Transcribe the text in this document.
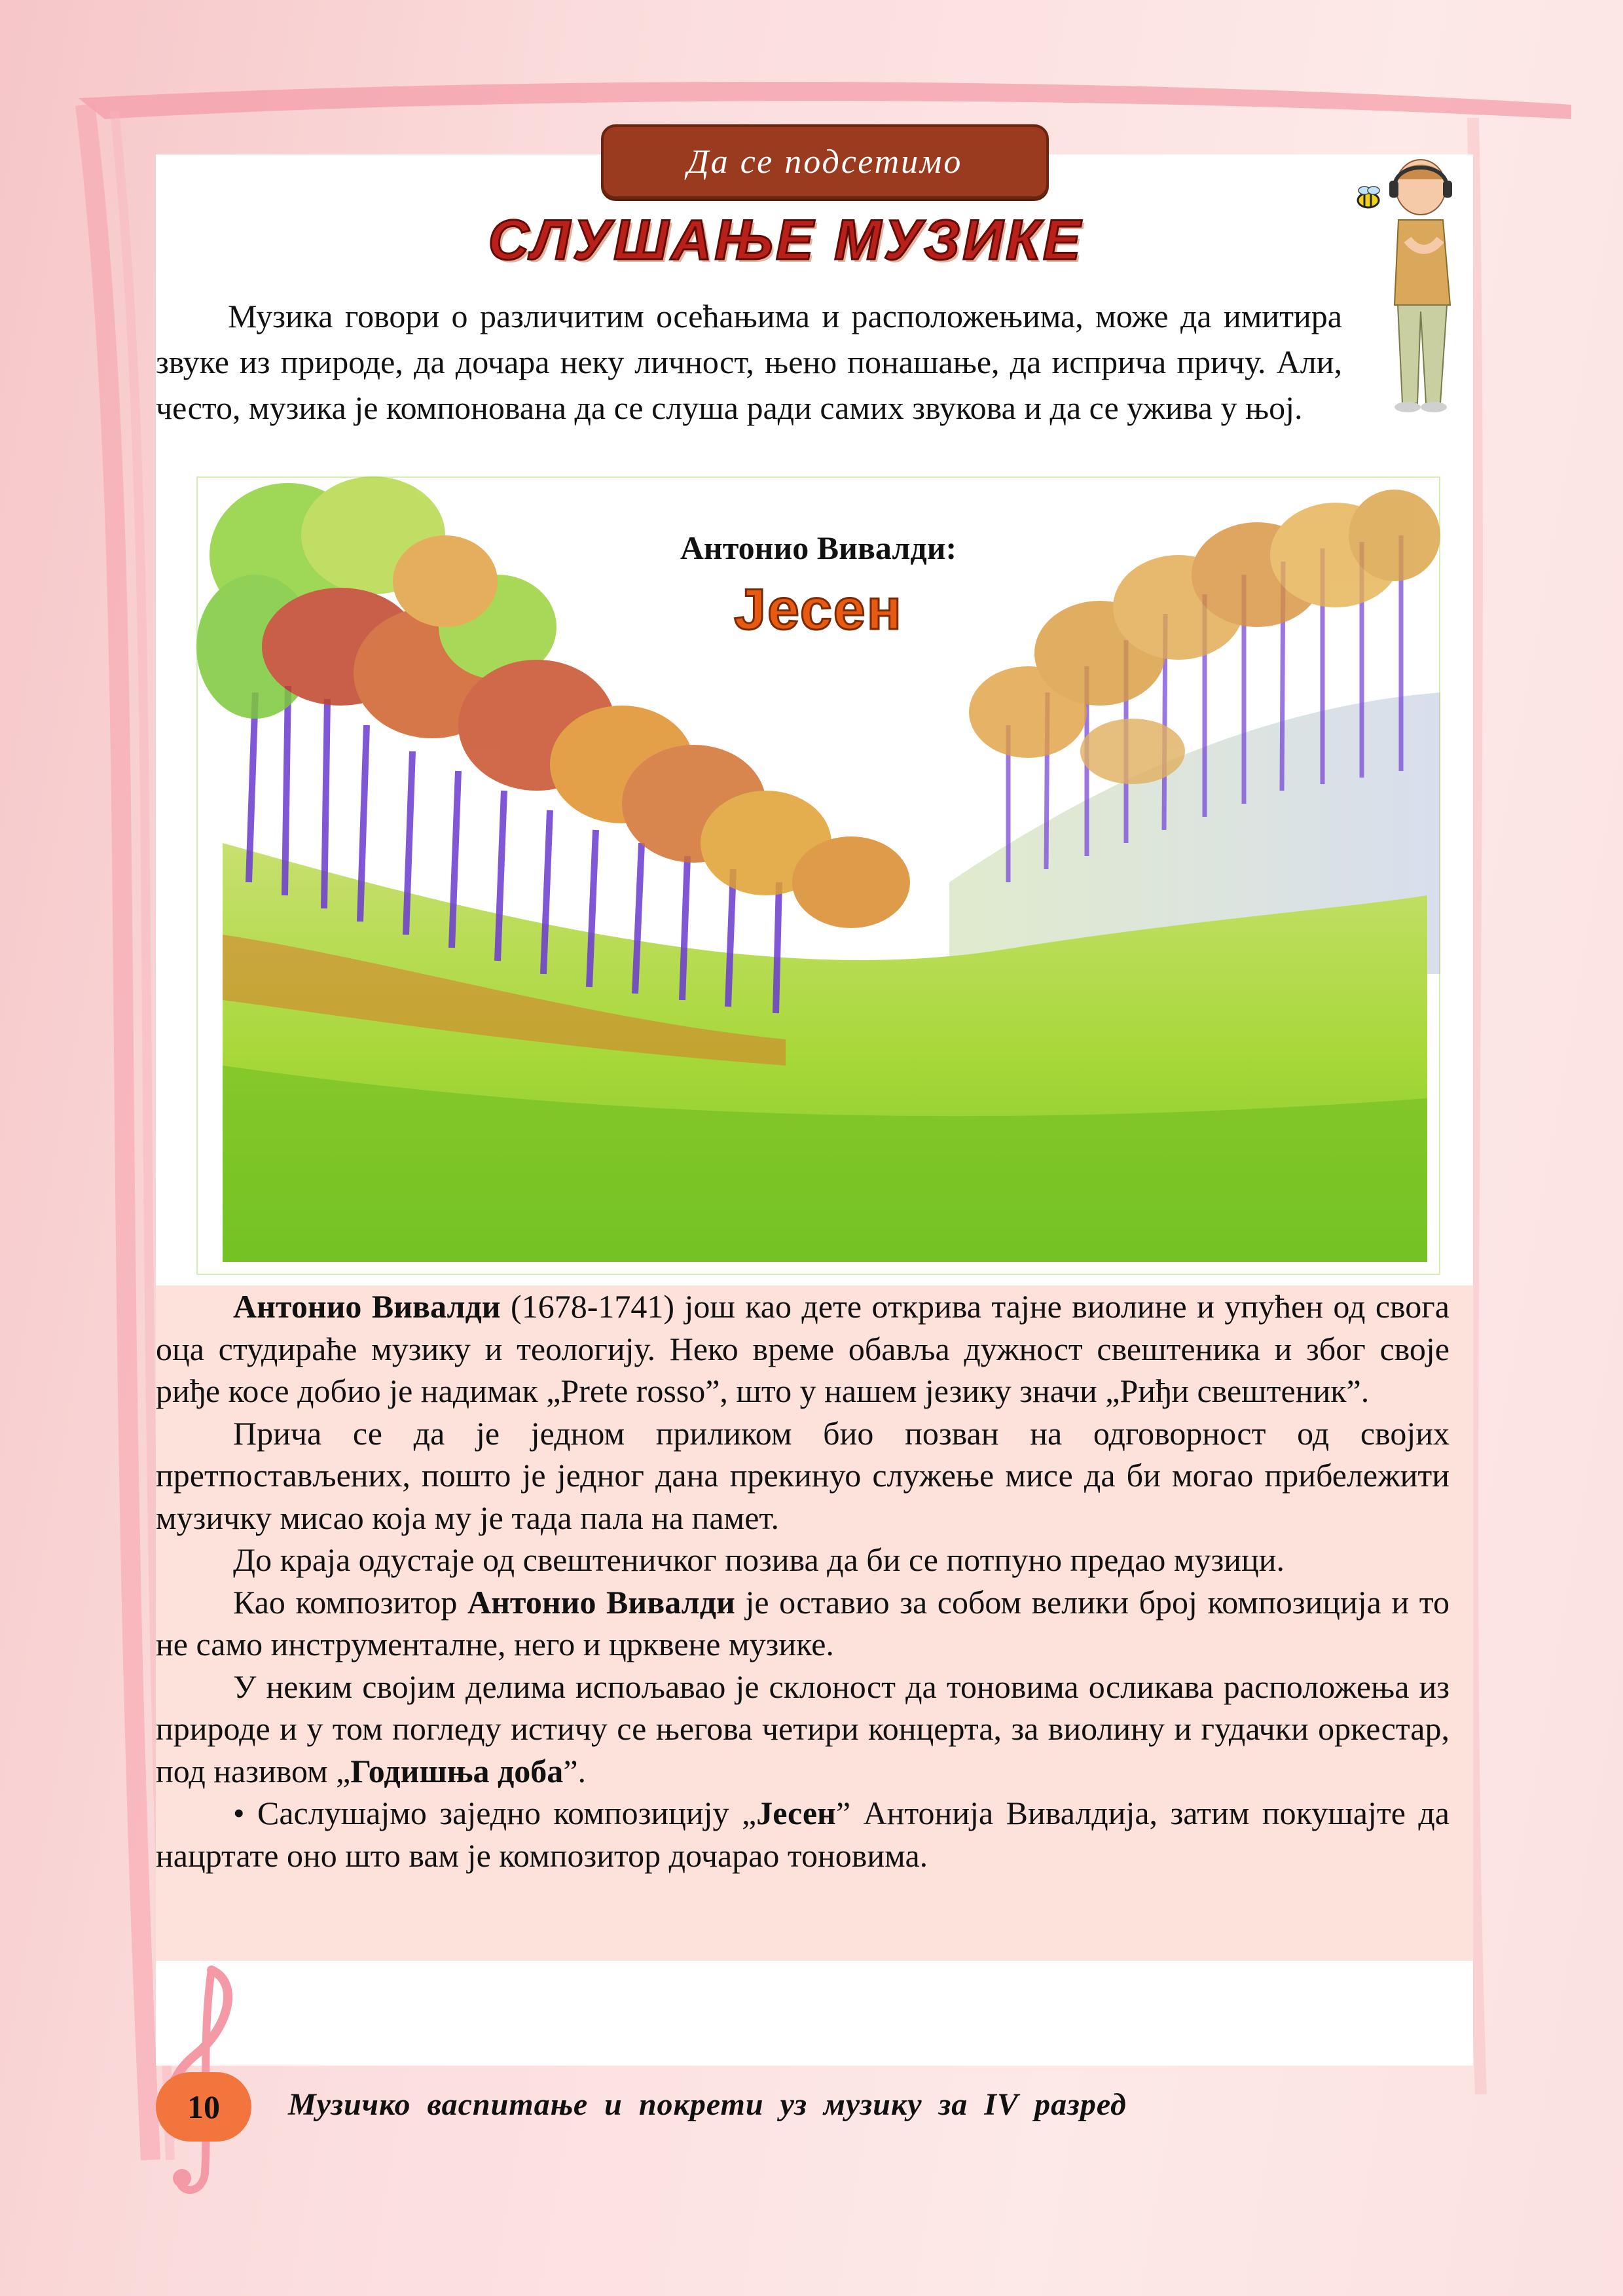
Да се подсетимо
СЛУШАЊЕ МУЗИКЕ
Музика говори о различитим осећањима и расположењима, може да имитира звуке из природе, да дочара неку личност, њено понашање, да исприча причу. Али, често, музика је компонована да се слуша ради самих звукова и да се ужива у њој.
Антонио Вивалди:
Јесен

Антонио Вивалди (1678-1741) још као дете открива тајне виолине и упућен од свога оца студираће музику и теологију. Неко време обавља дужност свештеника и због своје риђе косе добио је надимак „Prete rosso”, што у нашем језику значи „Риђи свештеник”.

Прича се да је једном приликом био позван на одговорност од својих претпостављених, пошто је једног дана прекинуо служење мисе да би могао прибележити музичку мисао која му је тада пала на памет.

До краја одустаје од свештеничког позива да би се потпуно предао музици.

Као композитор Антонио Вивалди је оставио за собом велики број композиција и то не само инструменталне, него и црквене музике.

У неким својим делима испољавао је склоност да тоновима осликава расположења из природе и у том погледу истичу се његова четири концерта, за виолину и гудачки оркестар, под називом „Годишња доба”.

• Саслушајмо заједно композицију „Јесен” Антонија Вивалдија, затим покушајте да нацртате оно што вам је композитор дочарао тоновима.

10	Музичко васпитање и покрети уз музику за IV разред
